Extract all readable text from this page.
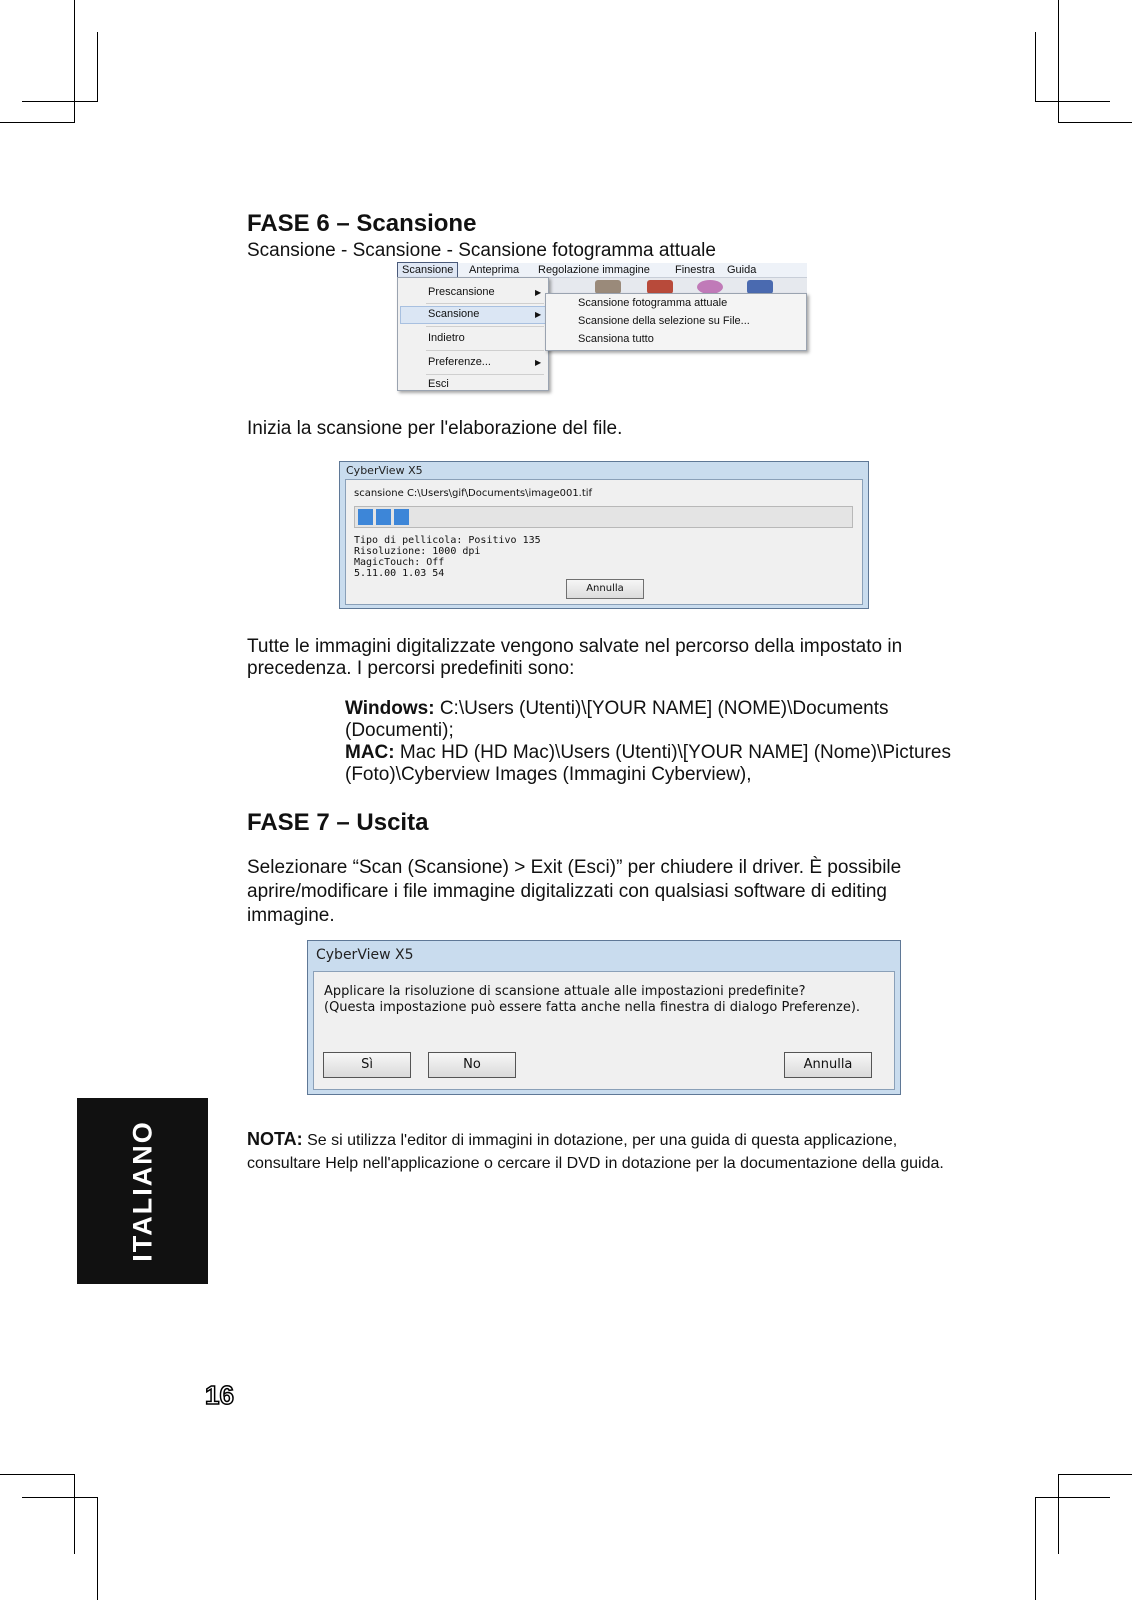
FASE 6 – Scansione

Scansione - Scansione - Scansione fotogramma attuale

Scansione	Anteprima Regolazione immagine Finestra Guida
Prescansione	▶
Scansione	▶
Indietro
Preferenze...	▶
Esci
Scansione fotogramma attuale
Scansione della selezione su File...
Scansiona tutto

Inizia la scansione per l'elaborazione del file.

CyberView X5
scansione C:\Users\gif\Documents\image001.tif
Tipo di pellicola: Positivo 135
Risoluzione: 1000 dpi
MagicTouch: Off
5.11.00 1.03 54
Annulla

Tutte le immagini digitalizzate vengono salvate nel percorso della impostato in precedenza. I percorsi predefiniti sono:

Windows: C:\Users (Utenti)\[YOUR NAME] (NOME)\Documents (Documenti);

MAC: Mac HD (HD Mac)\Users (Utenti)\[YOUR NAME] (Nome)\Pictures (Foto)\Cyberview Images (Immagini Cyberview),

FASE 7 – Uscita

Selezionare “Scan (Scansione) > Exit (Esci)” per chiudere il driver. È possibile aprire/modificare i file immagine digitalizzati con qualsiasi software di editing immagine.

CyberView X5
Applicare la risoluzione di scansione attuale alle impostazioni predefinite?
(Questa impostazione può essere fatta anche nella finestra di dialogo Preferenze).
Sì	No	Annulla

NOTA: Se si utilizza l'editor di immagini in dotazione, per una guida di questa applicazione, consultare Help nell'applicazione o cercare il DVD in dotazione per la documentazione della guida.

ITALIANO
16
